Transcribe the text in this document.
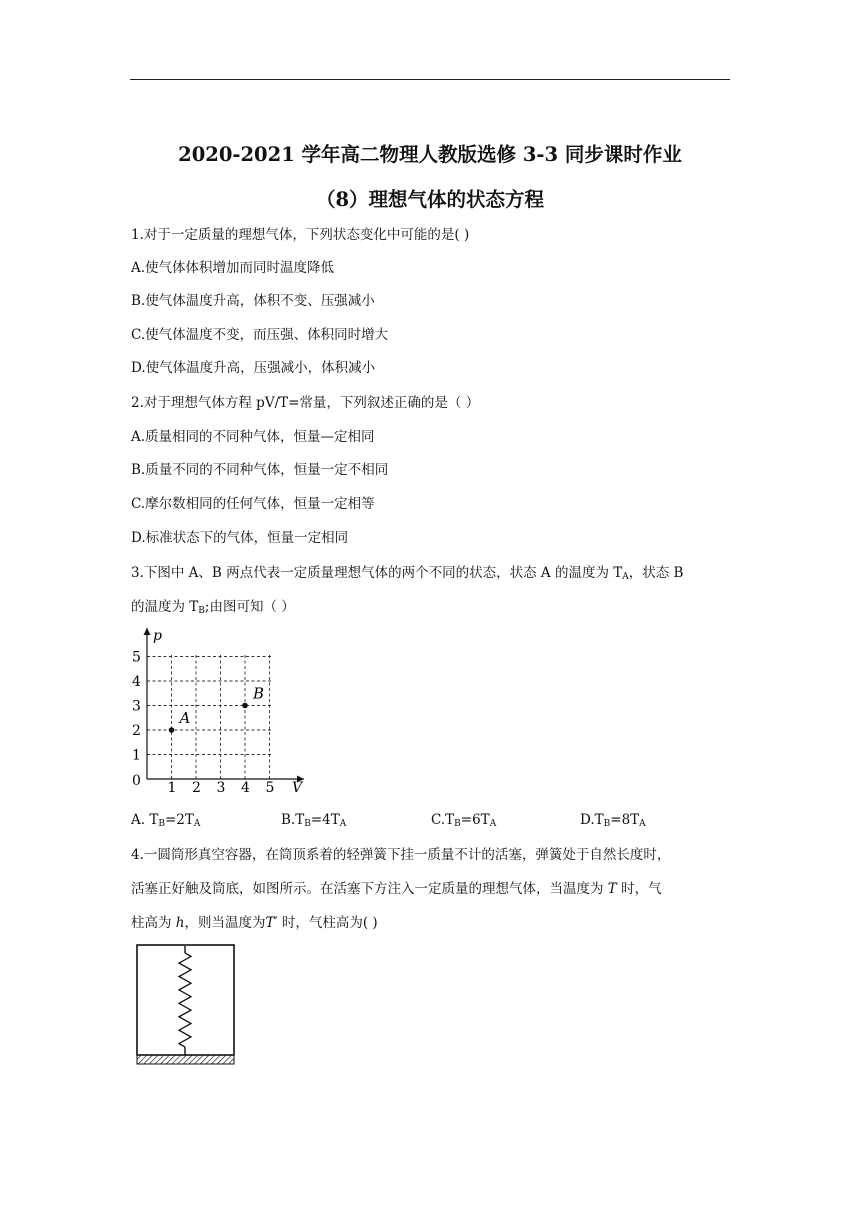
2020-2021 学年高二物理人教版选修 3-3 同步课时作业
（8）理想气体的状态方程
1.对于一定质量的理想气体，下列状态变化中可能的是( )
A.使气体体积增加而同时温度降低
B.使气体温度升高，体积不变、压强减小
C.使气体温度不变，而压强、体积同时增大
D.使气体温度升高，压强减小，体积减小
2.对于理想气体方程 pV/T=常量，下列叙述正确的是（ ）
A.质量相同的不同种气体，恒量—定相同
B.质量不同的不同种气体，恒量一定不相同
C.摩尔数相同的任何气体，恒量一定相等
D.标准状态下的气体，恒量一定相同
3.下图中 A、B 两点代表一定质量理想气体的两个不同的状态，状态 A 的温度为 $T_A$，状态 B
的温度为 $T_B$;由图可知（ ）
p
V
0
1
2
3
4
5
1 2 3 4 5
A
B
A. $T_B=2T_A$	$B.T_B=4T_A$	$C.T_B=6T_A$	$D.T_B=8T_A$
4.一圆筒形真空容器，在筒顶系着的轻弹簧下挂一质量不计的活塞，弹簧处于自然长度时，
活塞正好触及筒底，如图所示。在活塞下方注入一定质量的理想气体，当温度为 T 时，气
柱高为 h，则当温度为T′ 时，气柱高为( )
